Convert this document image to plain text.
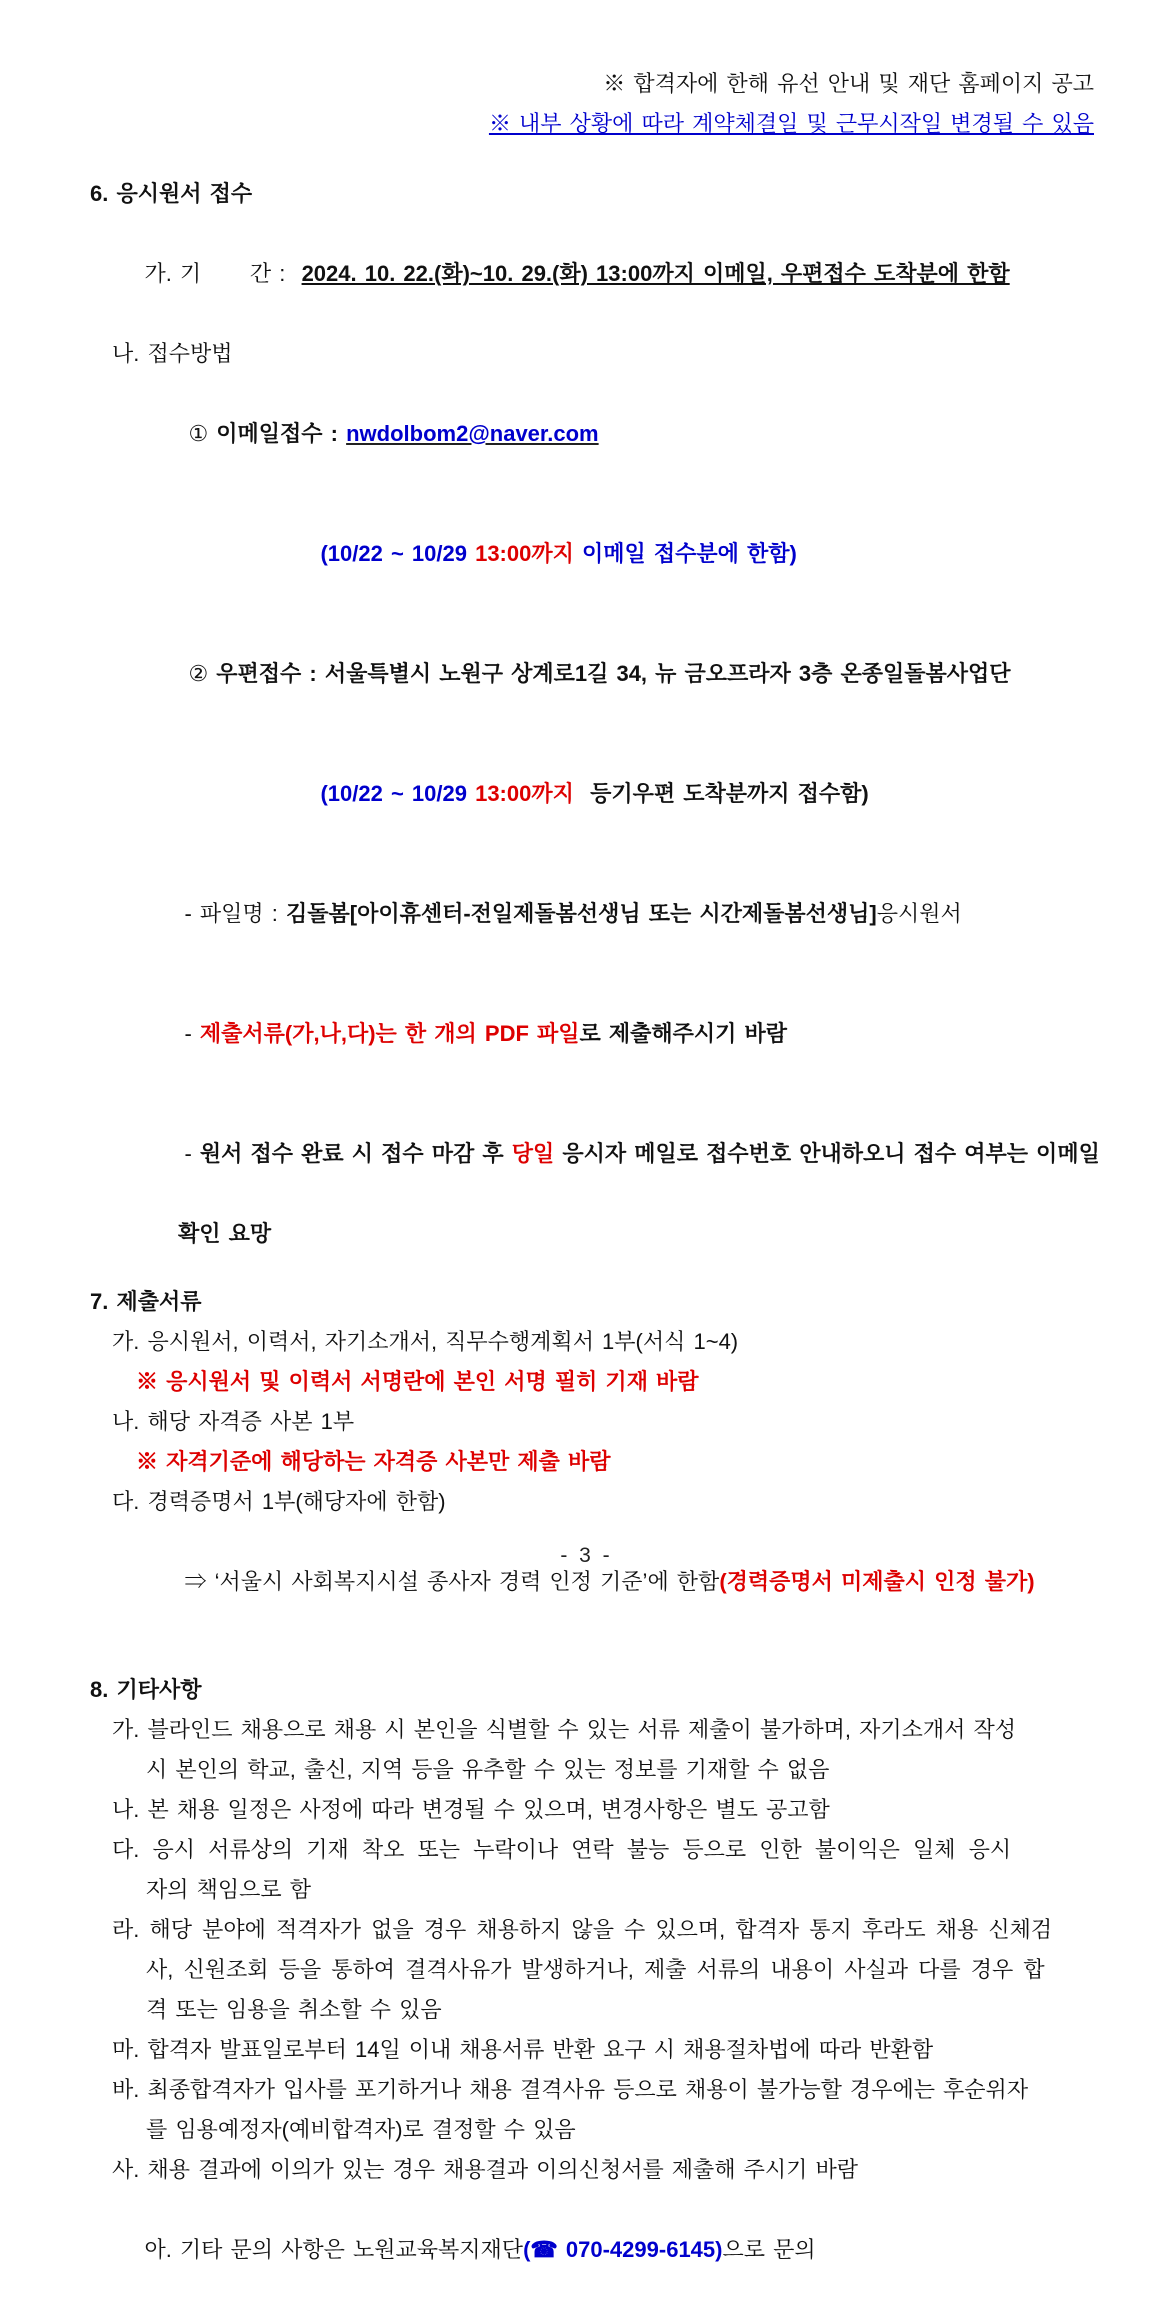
※ 합격자에 한해 유선 안내 및 재단 홈페이지 공고
※ 내부 상황에 따라 계약체결일 및 근무시작일 변경될 수 있음
6. 응시원서 접수

가. 기      간 :  2024. 10. 22.(화)~10. 29.(화) 13:00까지 이메일, 우편접수 도착분에 한함

나. 접수방법

① 이메일접수 : nwdolbom2@naver.com

(10/22 ~ 10/29 13:00까지 이메일 접수분에 한함)

② 우편접수 : 서울특별시 노원구 상계로1길 34, 뉴 금오프라자 3층 온종일돌봄사업단

(10/22 ~ 10/29 13:00까지  등기우편 도착분까지 접수함)

- 파일명 : 김돌봄[아이휴센터-전일제돌봄선생님 또는 시간제돌봄선생님]응시원서

- 제출서류(가,나,다)는 한 개의 PDF 파일로 제출해주시기 바람

- 원서 접수 완료 시 접수 마감 후 당일 응시자 메일로 접수번호 안내하오니 접수 여부는 이메일

확인 요망
7. 제출서류
가. 응시원서, 이력서, 자기소개서, 직무수행계획서 1부(서식 1~4)
※ 응시원서 및 이력서 서명란에 본인 서명 필히 기재 바람
나. 해당 자격증 사본 1부
※ 자격기준에 해당하는 자격증 사본만 제출 바람
다. 경력증명서 1부(해당자에 한함)

⇒ ‘서울시 사회복지시설 종사자 경력 인정 기준’에 한함(경력증명서 미제출시 인정 불가)

8. 기타사항
가. 블라인드 채용으로 채용 시 본인을 식별할 수 있는 서류 제출이 불가하며, 자기소개서 작성
시 본인의 학교, 출신, 지역 등을 유추할 수 있는 정보를 기재할 수 없음
나. 본 채용 일정은 사정에 따라 변경될 수 있으며, 변경사항은 별도 공고함
다. 응시 서류상의 기재 착오 또는 누락이나 연락 불능 등으로 인한 불이익은 일체 응시
자의 책임으로 함
라. 해당 분야에 적격자가 없을 경우 채용하지 않을 수 있으며, 합격자 통지 후라도 채용 신체검
사, 신원조회 등을 통하여 결격사유가 발생하거나, 제출 서류의 내용이 사실과 다를 경우 합
격 또는 임용을 취소할 수 있음
마. 합격자 발표일로부터 14일 이내 채용서류 반환 요구 시 채용절차법에 따라 반환함
바. 최종합격자가 입사를 포기하거나 채용 결격사유 등으로 채용이 불가능할 경우에는 후순위자
를 임용예정자(예비합격자)로 결정할 수 있음
사. 채용 결과에 이의가 있는 경우 채용결과 이의신청서를 제출해 주시기 바람

아. 기타 문의 사항은 노원교육복지재단(☎ 070-4299-6145)으로 문의

- 3 -
